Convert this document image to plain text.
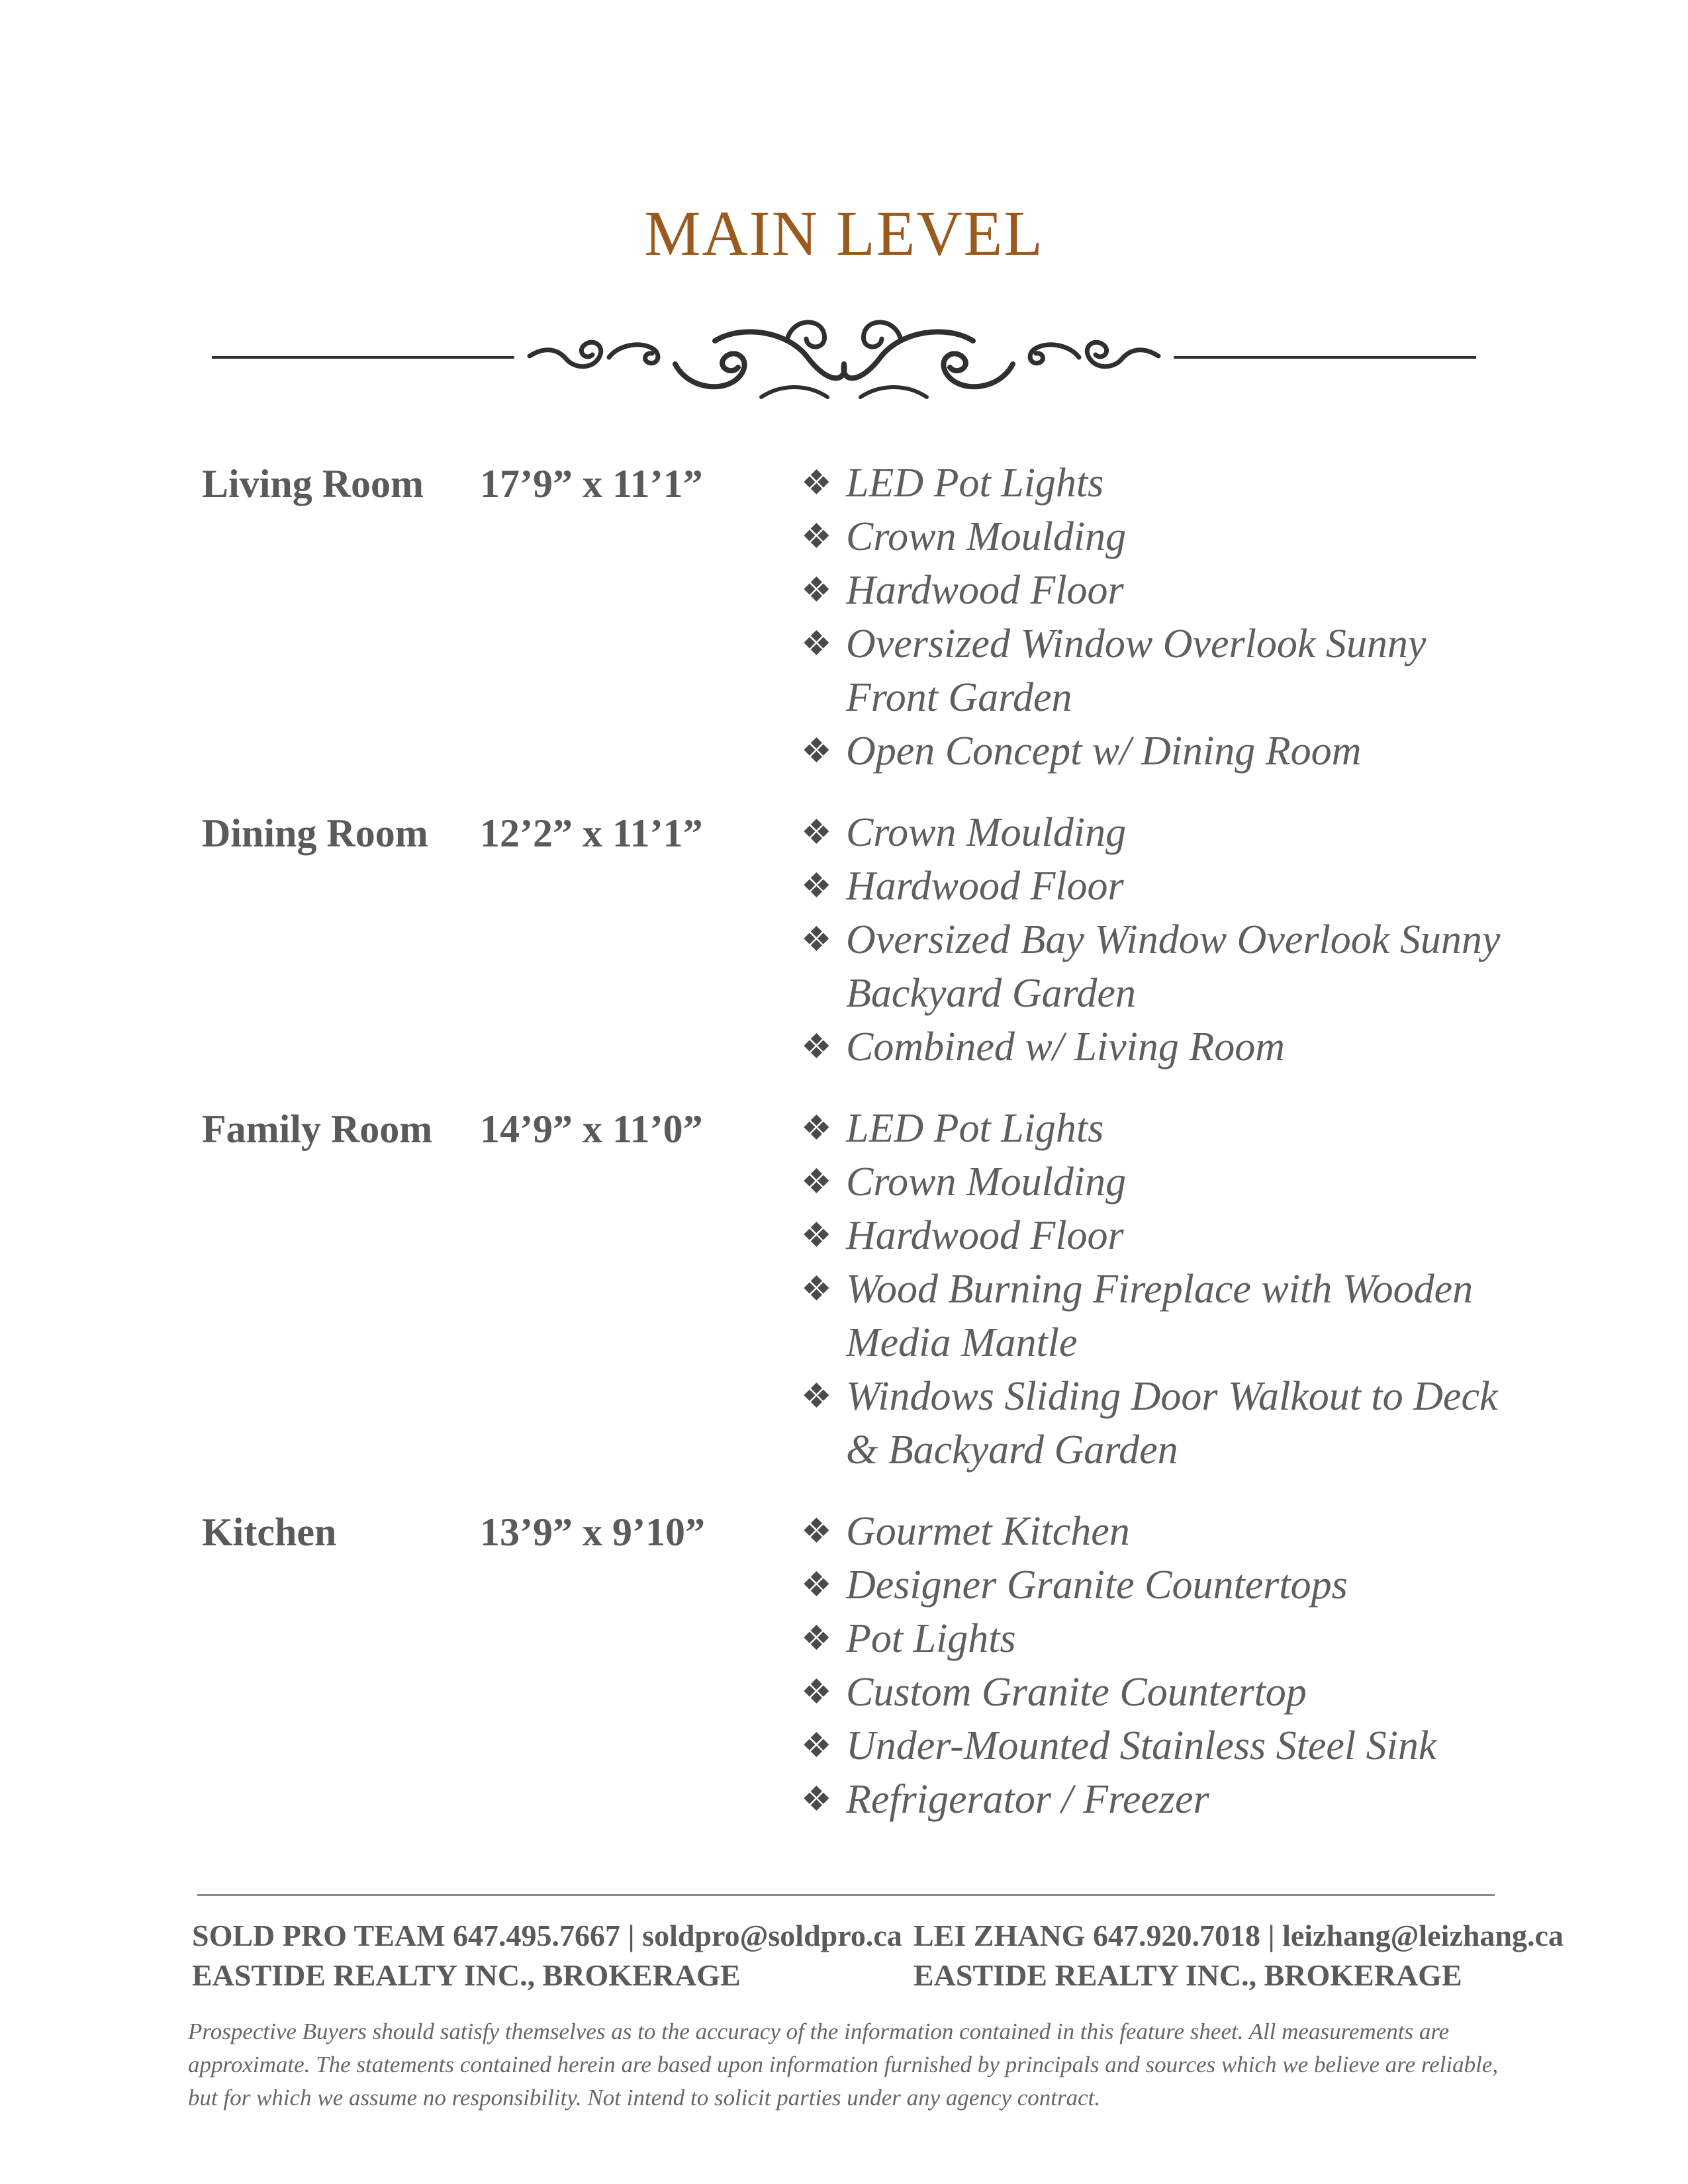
MAIN LEVEL
Living Room	17’9” x 11’1”	❖ LED Pot Lights
❖ Crown Moulding
❖ Hardwood Floor
❖ Oversized Window Overlook Sunny Front Garden
❖ Open Concept w/ Dining Room
Dining Room	12’2” x 11’1”	❖ Crown Moulding
❖ Hardwood Floor
❖ Oversized Bay Window Overlook Sunny Backyard Garden
❖ Combined w/ Living Room
Family Room	14’9” x 11’0”	❖ LED Pot Lights
❖ Crown Moulding
❖ Hardwood Floor
❖ Wood Burning Fireplace with Wooden Media Mantle
❖ Windows Sliding Door Walkout to Deck & Backyard Garden
Kitchen	13’9” x 9’10”	❖ Gourmet Kitchen
❖ Designer Granite Countertops
❖ Pot Lights
❖ Custom Granite Countertop
❖ Under-Mounted Stainless Steel Sink
❖ Refrigerator / Freezer
SOLD PRO TEAM 647.495.7667 | soldpro@soldpro.ca
EASTIDE REALTY INC., BROKERAGE
LEI ZHANG 647.920.7018 | leizhang@leizhang.ca
EASTIDE REALTY INC., BROKERAGE

Prospective Buyers should satisfy themselves as to the accuracy of the information contained in this feature sheet. All measurements are approximate. The statements contained herein are based upon information furnished by principals and sources which we believe are reliable, but for which we assume no responsibility. Not intend to solicit parties under any agency contract.
